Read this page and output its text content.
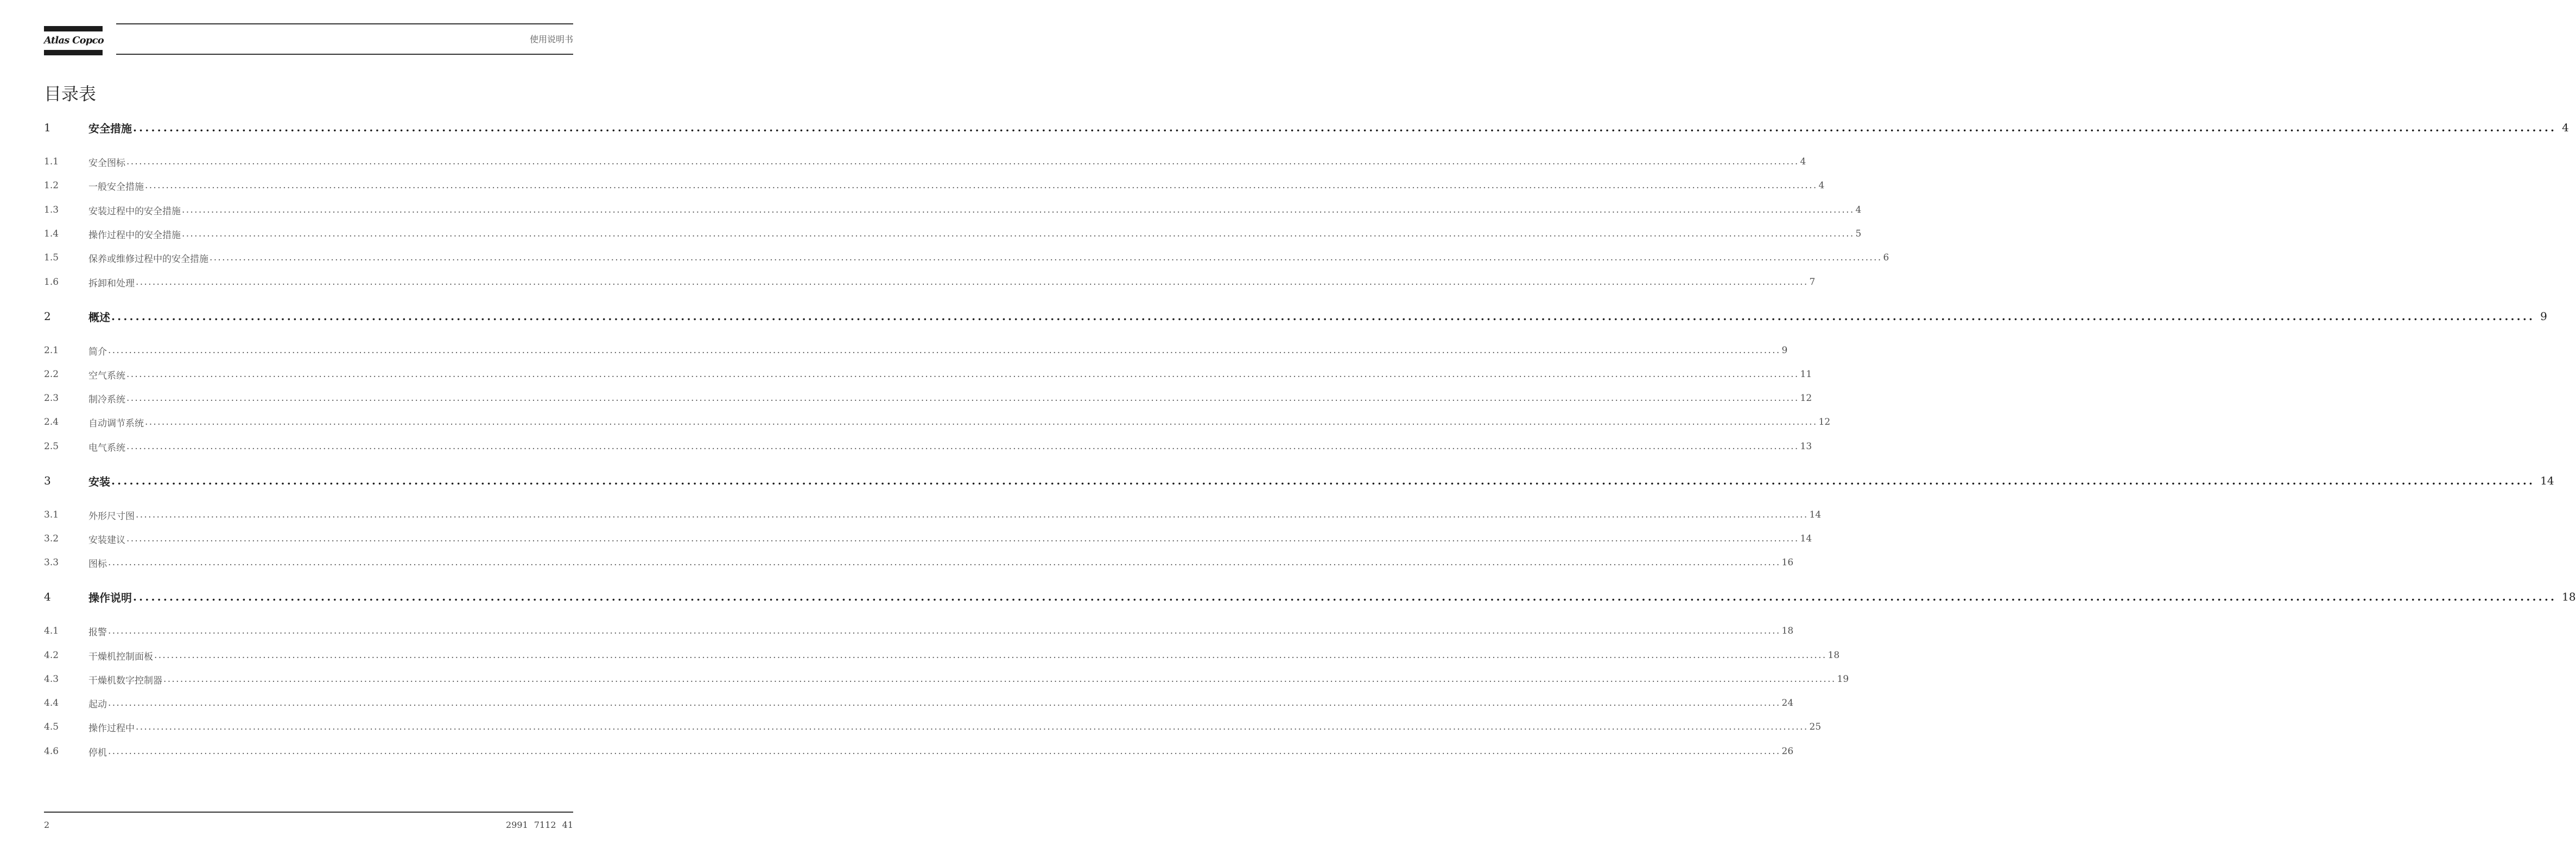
Atlas Copco	使用说明书
目录表
1	安全措施 ................................................................................................................................................................................................................................................................................................................................................................................................................ 4
1.1	安全图标 ................................................................................................................................................................................................................................................................................................................................................................................................................ 4
1.2	一般安全措施 ................................................................................................................................................................................................................................................................................................................................................................................................................ 4
1.3	安装过程中的安全措施 ................................................................................................................................................................................................................................................................................................................................................................................................................ 4
1.4	操作过程中的安全措施 ................................................................................................................................................................................................................................................................................................................................................................................................................ 5
1.5	保养或维修过程中的安全措施 ................................................................................................................................................................................................................................................................................................................................................................................................................ 6
1.6	拆卸和处理 ................................................................................................................................................................................................................................................................................................................................................................................................................ 7
2	概述 ................................................................................................................................................................................................................................................................................................................................................................................................................ 9
2.1	简介 ................................................................................................................................................................................................................................................................................................................................................................................................................ 9
2.2	空气系统 ................................................................................................................................................................................................................................................................................................................................................................................................................ 11
2.3	制冷系统 ................................................................................................................................................................................................................................................................................................................................................................................................................ 12
2.4	自动调节系统 ................................................................................................................................................................................................................................................................................................................................................................................................................ 12
2.5	电气系统 ................................................................................................................................................................................................................................................................................................................................................................................................................ 13
3	安装 ................................................................................................................................................................................................................................................................................................................................................................................................................ 14
3.1	外形尺寸图 ................................................................................................................................................................................................................................................................................................................................................................................................................ 14
3.2	安装建议 ................................................................................................................................................................................................................................................................................................................................................................................................................ 14
3.3	图标 ................................................................................................................................................................................................................................................................................................................................................................................................................ 16
4	操作说明 ................................................................................................................................................................................................................................................................................................................................................................................................................ 18
4.1	报警 ................................................................................................................................................................................................................................................................................................................................................................................................................ 18
4.2	干燥机控制面板 ................................................................................................................................................................................................................................................................................................................................................................................................................ 18
4.3	干燥机数字控制器 ................................................................................................................................................................................................................................................................................................................................................................................................................ 19
4.4	起动 ................................................................................................................................................................................................................................................................................................................................................................................................................ 24
4.5	操作过程中 ................................................................................................................................................................................................................................................................................................................................................................................................................ 25
4.6	停机 ................................................................................................................................................................................................................................................................................................................................................................................................................ 26
2	2991 7112 41
